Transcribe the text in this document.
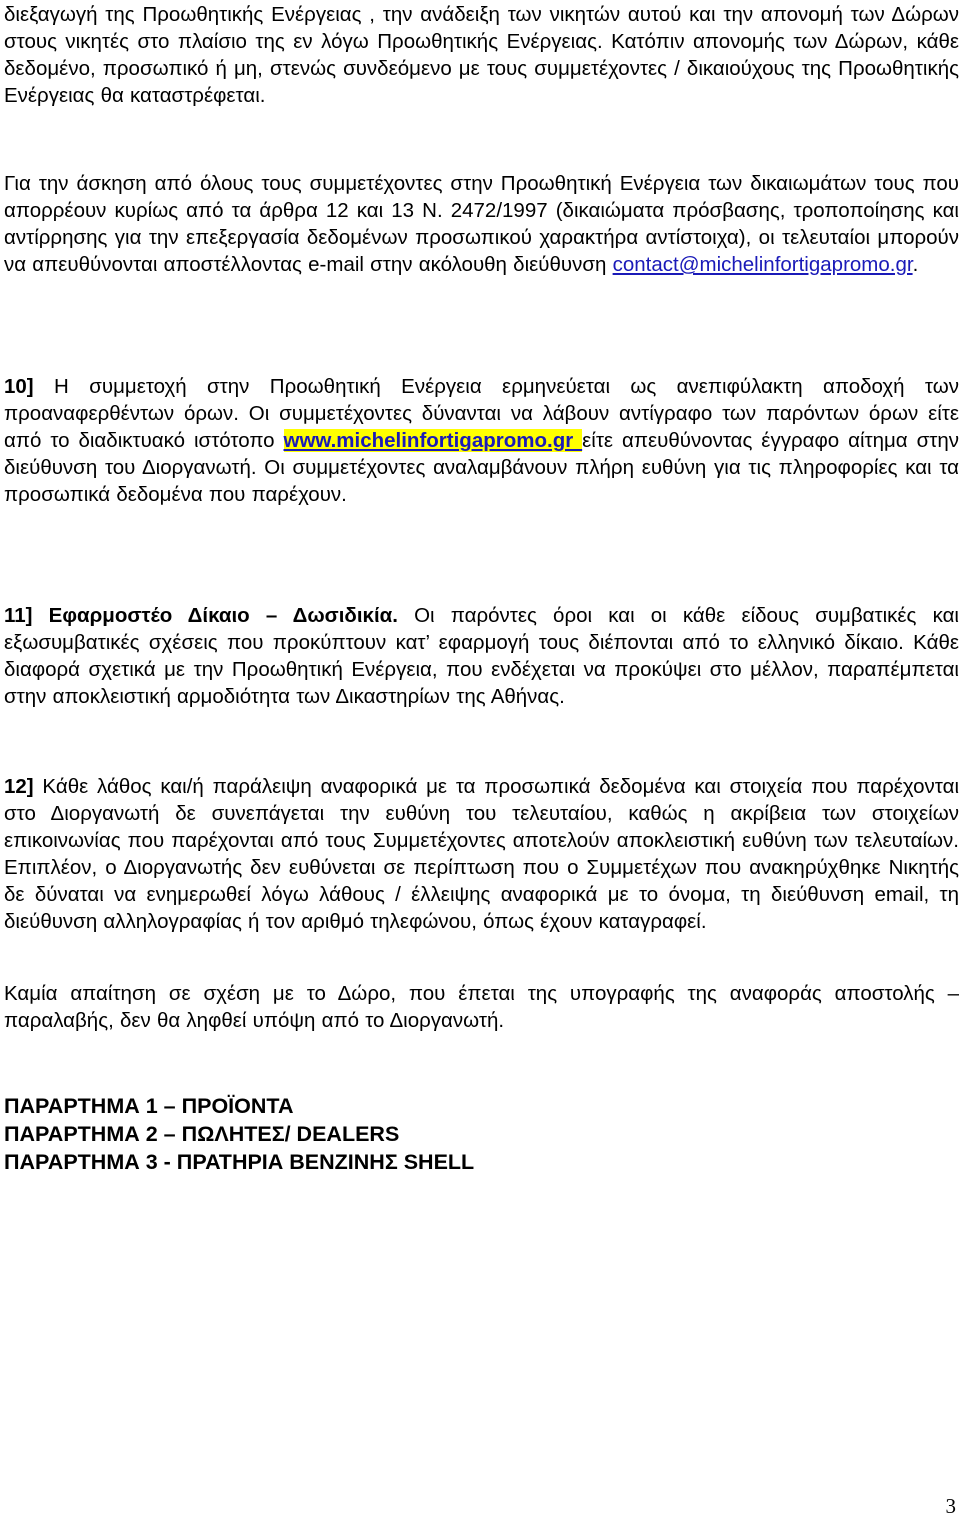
διεξαγωγή της Προωθητικής Ενέργειας , την ανάδειξη των νικητών αυτού και την απονομή των Δώρων στους νικητές στο πλαίσιο της εν λόγω Προωθητικής Ενέργειας. Κατόπιν απονομής των Δώρων, κάθε δεδομένο, προσωπικό ή μη, στενώς συνδεόμενο με τους συμμετέχοντες / δικαιούχους της Προωθητικής Ενέργειας θα καταστρέφεται.

Για την άσκηση από όλους τους συμμετέχοντες στην Προωθητική Ενέργεια των δικαιωμάτων τους που απορρέουν κυρίως από τα άρθρα 12 και 13 Ν. 2472/1997 (δικαιώματα πρόσβασης, τροποποίησης και αντίρρησης για την επεξεργασία δεδομένων προσωπικού χαρακτήρα αντίστοιχα), οι τελευταίοι μπορούν να απευθύνονται αποστέλλοντας e-mail στην ακόλουθη διεύθυνση contact@michelinfortigapromo.gr.

10] Η συμμετοχή στην Προωθητική Ενέργεια ερμηνεύεται ως ανεπιφύλακτη αποδοχή των προαναφερθέντων όρων. Οι συμμετέχοντες δύνανται να λάβουν αντίγραφο των παρόντων όρων είτε από το διαδικτυακό ιστότοπο www.michelinfortigapromo.gr είτε απευθύνοντας έγγραφο αίτημα στην διεύθυνση του Διοργανωτή. Οι συμμετέχοντες αναλαμβάνουν πλήρη ευθύνη για τις πληροφορίες και τα προσωπικά δεδομένα που παρέχουν.

11] Εφαρμοστέο Δίκαιο – Δωσιδικία. Οι παρόντες όροι και οι κάθε είδους συμβατικές και εξωσυμβατικές σχέσεις που προκύπτουν κατ’ εφαρμογή τους διέπονται από το ελληνικό δίκαιο. Κάθε διαφορά σχετικά με την Προωθητική Ενέργεια, που ενδέχεται να προκύψει στο μέλλον, παραπέμπεται στην αποκλειστική αρμοδιότητα των Δικαστηρίων της Αθήνας.

12] Κάθε λάθος και/ή παράλειψη αναφορικά με τα προσωπικά δεδομένα και στοιχεία που παρέχονται στο Διοργανωτή δε συνεπάγεται την ευθύνη του τελευταίου, καθώς η ακρίβεια των στοιχείων επικοινωνίας που παρέχονται από τους Συμμετέχοντες αποτελούν αποκλειστική ευθύνη των τελευταίων. Επιπλέον, ο Διοργανωτής δεν ευθύνεται σε περίπτωση που ο Συμμετέχων που ανακηρύχθηκε Νικητής δε δύναται να ενημερωθεί λόγω λάθους / έλλειψης αναφορικά με το όνομα, τη διεύθυνση email, τη διεύθυνση αλληλογραφίας ή τον αριθμό τηλεφώνου, όπως έχουν καταγραφεί.

Καμία απαίτηση σε σχέση με το Δώρο, που έπεται της υπογραφής της αναφοράς αποστολής –παραλαβής, δεν θα ληφθεί υπόψη από το Διοργανωτή.

ΠΑΡΑΡΤΗΜΑ 1 – ΠΡΟΪΟΝΤΑ
ΠΑΡΑΡΤΗΜΑ 2 – ΠΩΛΗΤΕΣ/ DEALERS
ΠΑΡΑΡΤΗΜΑ 3 - ΠΡΑΤΗΡΙΑ ΒΕΝΖΙΝΗΣ SHELL
3
